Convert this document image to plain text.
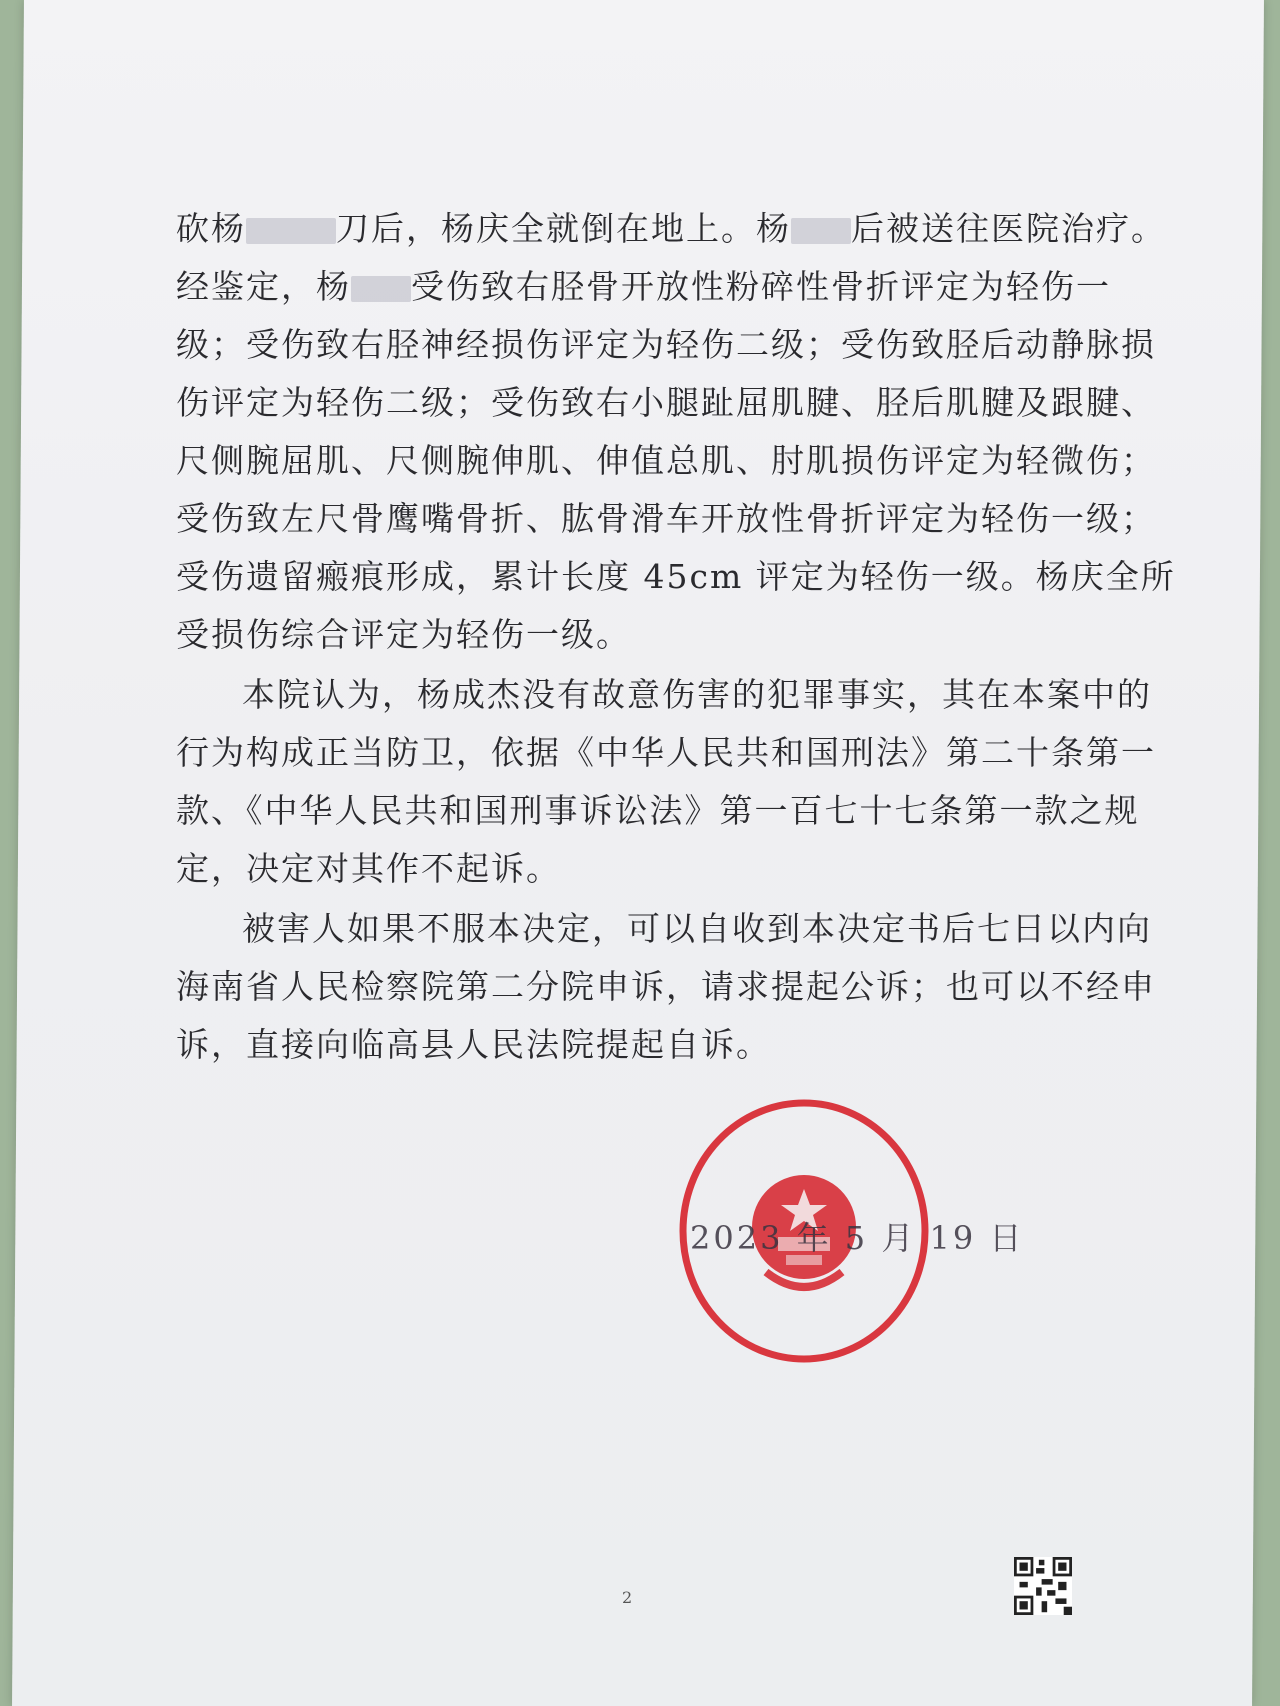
砍杨	刀后，杨庆全就倒在地上。杨 后被送往医院治疗。
经鉴定，杨 受伤致右胫骨开放性粉碎性骨折评定为轻伤一
级；受伤致右胫神经损伤评定为轻伤二级；受伤致胫后动静脉损
伤评定为轻伤二级；受伤致右小腿趾屈肌腱、胫后肌腱及跟腱、
尺侧腕屈肌、尺侧腕伸肌、伸值总肌、肘肌损伤评定为轻微伤；
受伤致左尺骨鹰嘴骨折、肱骨滑车开放性骨折评定为轻伤一级；
受伤遗留瘢痕形成，累计长度 45cm 评定为轻伤一级。杨庆全所
受损伤综合评定为轻伤一级。
本院认为，杨成杰没有故意伤害的犯罪事实，其在本案中的
行为构成正当防卫，依据《中华人民共和国刑法》第二十条第一
款、《中华人民共和国刑事诉讼法》第一百七十七条第一款之规
定，决定对其作不起诉。
被害人如果不服本决定，可以自收到本决定书后七日以内向
海南省人民检察院第二分院申诉，请求提起公诉；也可以不经申
诉，直接向临高县人民法院提起自诉。
2023 年 5 月 19 日
2
